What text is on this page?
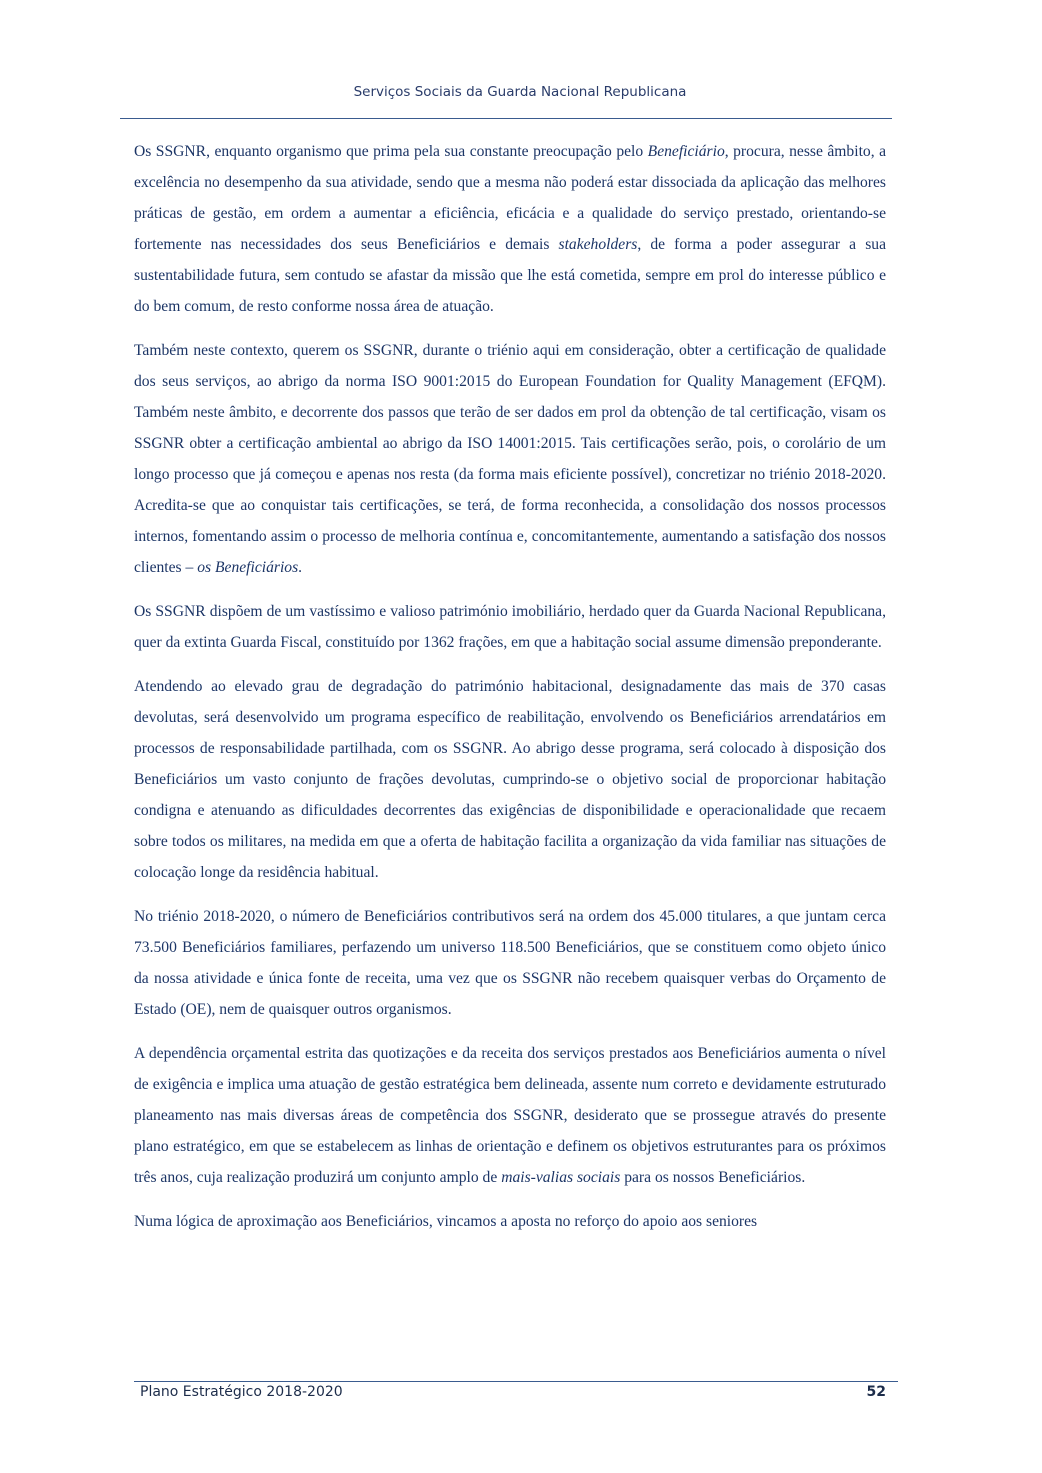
Serviços Sociais da Guarda Nacional Republicana

Os SSGNR, enquanto organismo que prima pela sua constante preocupação pelo Beneficiário, procura, nesse âmbito, a excelência no desempenho da sua atividade, sendo que a mesma não poderá estar dissociada da aplicação das melhores práticas de gestão, em ordem a aumentar a eficiência, eficácia e a qualidade do serviço prestado, orientando-se fortemente nas necessidades dos seus Beneficiários e demais stakeholders, de forma a poder assegurar a sua sustentabilidade futura, sem contudo se afastar da missão que lhe está cometida, sempre em prol do interesse público e do bem comum, de resto conforme nossa área de atuação.

Também neste contexto, querem os SSGNR, durante o triénio aqui em consideração, obter a certificação de qualidade dos seus serviços, ao abrigo da norma ISO 9001:2015 do European Foundation for Quality Management (EFQM). Também neste âmbito, e decorrente dos passos que terão de ser dados em prol da obtenção de tal certificação, visam os SSGNR obter a certificação ambiental ao abrigo da ISO 14001:2015. Tais certificações serão, pois, o corolário de um longo processo que já começou e apenas nos resta (da forma mais eficiente possível), concretizar no triénio 2018-2020. Acredita-se que ao conquistar tais certificações, se terá, de forma reconhecida, a consolidação dos nossos processos internos, fomentando assim o processo de melhoria contínua e, concomitantemente, aumentando a satisfação dos nossos clientes – os Beneficiários.

Os SSGNR dispõem de um vastíssimo e valioso património imobiliário, herdado quer da Guarda Nacional Republicana, quer da extinta Guarda Fiscal, constituído por 1362 frações, em que a habitação social assume dimensão preponderante.

Atendendo ao elevado grau de degradação do património habitacional, designadamente das mais de 370 casas devolutas, será desenvolvido um programa específico de reabilitação, envolvendo os Beneficiários arrendatários em processos de responsabilidade partilhada, com os SSGNR. Ao abrigo desse programa, será colocado à disposição dos Beneficiários um vasto conjunto de frações devolutas, cumprindo-se o objetivo social de proporcionar habitação condigna e atenuando as dificuldades decorrentes das exigências de disponibilidade e operacionalidade que recaem sobre todos os militares, na medida em que a oferta de habitação facilita a organização da vida familiar nas situações de colocação longe da residência habitual.

No triénio 2018-2020, o número de Beneficiários contributivos será na ordem dos 45.000 titulares, a que juntam cerca 73.500 Beneficiários familiares, perfazendo um universo 118.500 Beneficiários, que se constituem como objeto único da nossa atividade e única fonte de receita, uma vez que os SSGNR não recebem quaisquer verbas do Orçamento de Estado (OE), nem de quaisquer outros organismos.

A dependência orçamental estrita das quotizações e da receita dos serviços prestados aos Beneficiários aumenta o nível de exigência e implica uma atuação de gestão estratégica bem delineada, assente num correto e devidamente estruturado planeamento nas mais diversas áreas de competência dos SSGNR, desiderato que se prossegue através do presente plano estratégico, em que se estabelecem as linhas de orientação e definem os objetivos estruturantes para os próximos três anos, cuja realização produzirá um conjunto amplo de mais-valias sociais para os nossos Beneficiários.

Numa lógica de aproximação aos Beneficiários, vincamos a aposta no reforço do apoio aos seniores

Plano Estratégico 2018-2020	52
